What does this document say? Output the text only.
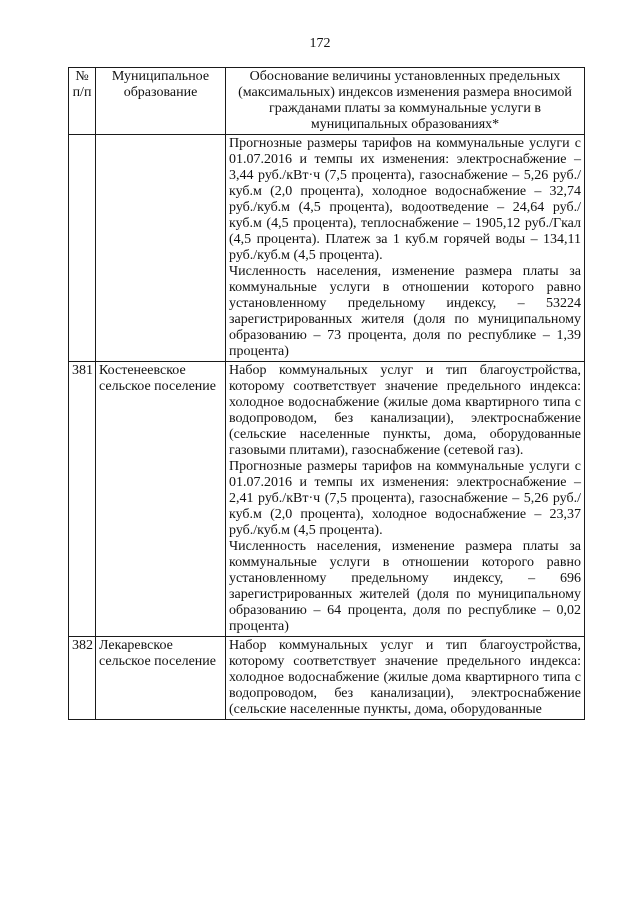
172
№ п/п	Муниципальное образование	Обоснование величины установленных предельных (максимальных) индексов изменения размера вносимой гражданами платы за коммунальные услуги в муниципальных образованиях*

		Прогнозные размеры тарифов на коммунальные услуги с 01.07.2016 и темпы их изменения: электроснабжение – 3,44 руб./кВт·ч (7,5 процента), газоснабжение – 5,26 руб./куб.м (2,0 процента), холодное водоснабжение – 32,74 руб./куб.м (4,5 процента), водоотведение – 24,64 руб./куб.м (4,5 процента), теплоснабжение – 1905,12 руб./Гкал (4,5 процента). Платеж за 1 куб.м горячей воды – 134,11 руб./куб.м (4,5 процента).

Численность населения, изменение размера платы за коммунальные услуги в отношении которого равно установленному предельному индексу, – 53224 зарегистрированных жителя (доля по муниципальному образованию – 73 процента, доля по республике – 1,39 процента)

381	Костенеевское сельское поселение	Набор коммунальных услуг и тип благоустройства, которому соответствует значение предельного индекса: холодное водоснабжение (жилые дома квартирного типа с водопроводом, без канализации), электроснабжение (сельские населенные пункты, дома, оборудованные газовыми плитами), газоснабжение (сетевой газ).

Прогнозные размеры тарифов на коммунальные услуги с 01.07.2016 и темпы их изменения: электроснабжение – 2,41 руб./кВт·ч (7,5 процента), газоснабжение – 5,26 руб./куб.м (2,0 процента), холодное водоснабжение – 23,37 руб./куб.м (4,5 процента).

Численность населения, изменение размера платы за коммунальные услуги в отношении которого равно установленному предельному индексу, – 696 зарегистрированных жителей (доля по муниципальному образованию – 64 процента, доля по республике – 0,02 процента)

382	Лекаревское сельское поселение	Набор коммунальных услуг и тип благоустройства, которому соответствует значение предельного индекса: холодное водоснабжение (жилые дома квартирного типа с водопроводом, без канализации), электроснабжение (сельские населенные пункты, дома, оборудованные
